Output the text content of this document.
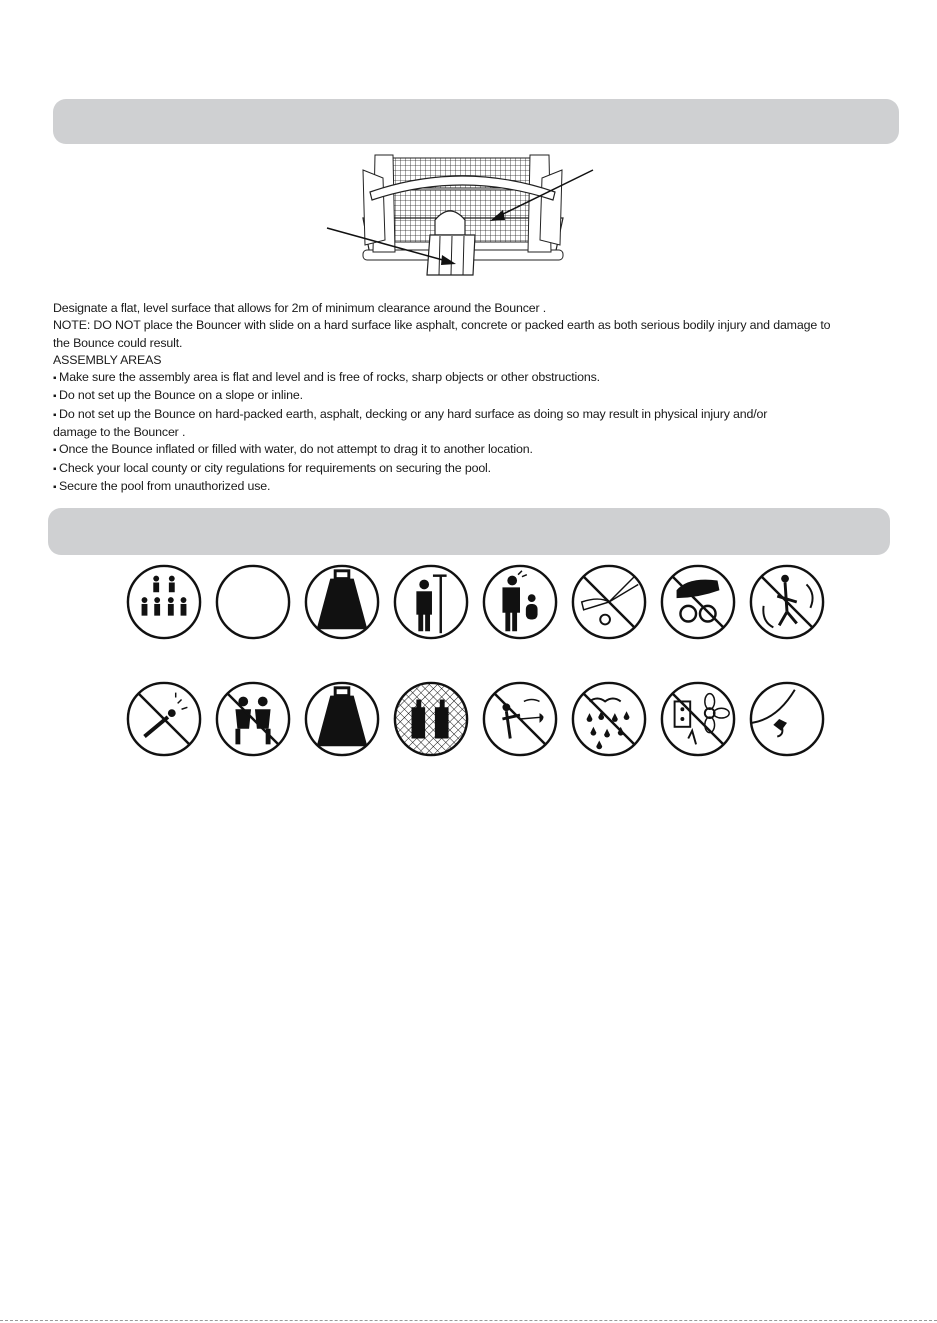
Designate a flat, level surface that allows for 2m of minimum clearance around the Bouncer .

NOTE: DO NOT place the Bouncer with slide on a hard surface like asphalt, concrete or packed earth as both serious bodily injury and damage to

the Bounce could result.

ASSEMBLY AREAS

▪ Make sure the assembly area is flat and level and is free of rocks, sharp objects or other obstructions.

▪ Do not set up the Bounce on a slope or inline.

▪ Do not set up the Bounce on hard-packed earth, asphalt, decking or any hard surface as doing so may result in physical injury and/or

damage to the Bouncer .

▪ Once the Bounce inflated or filled with water, do not attempt to drag it to another location.

▪ Check your local county or city regulations for requirements on securing the pool.

▪ Secure the pool from unauthorized use.
